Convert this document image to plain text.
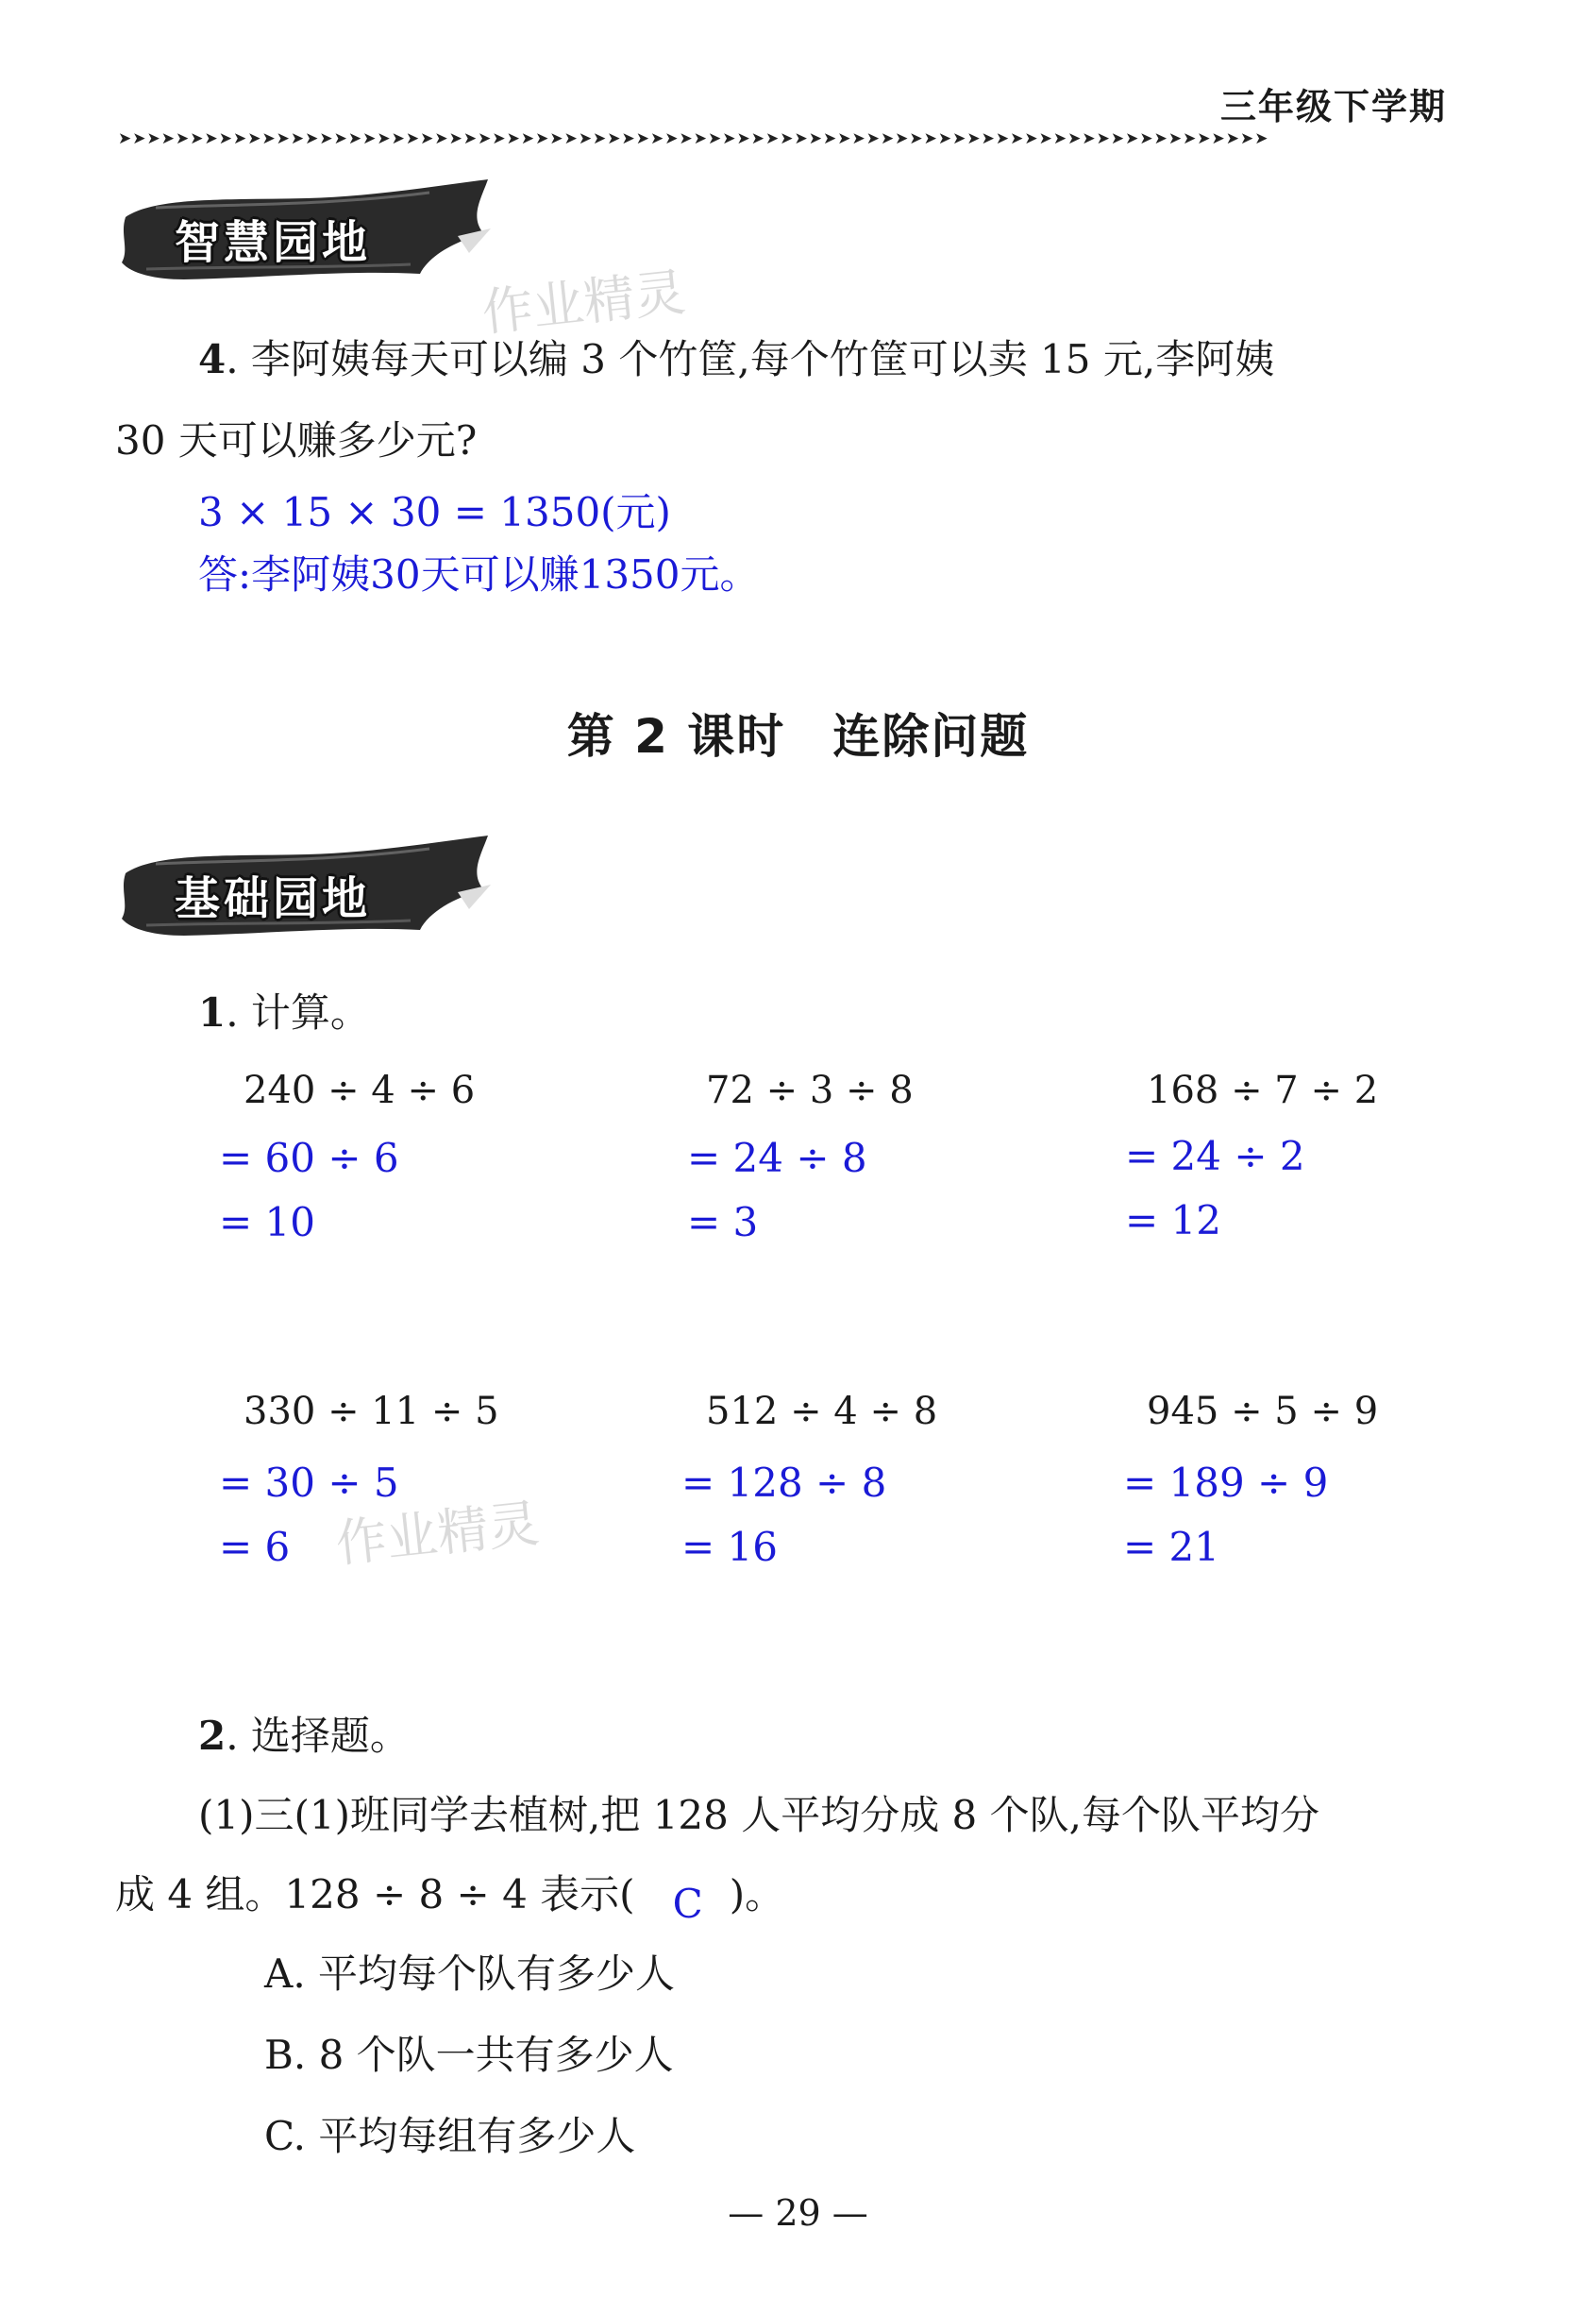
三年级下学期
➤➤➤➤➤➤➤➤➤➤➤➤➤➤➤➤➤➤➤➤➤➤➤➤➤➤➤➤➤➤➤➤➤➤➤➤➤➤➤➤➤➤➤➤➤➤➤➤➤➤➤➤➤➤➤➤➤➤➤➤➤➤➤➤➤➤➤➤➤➤➤➤➤➤➤➤➤➤➤➤
智慧园地
4. 李阿姨每天可以编 3 个竹筐,每个竹筐可以卖 15 元,李阿姨
30 天可以赚多少元?
3 × 15 × 30 = 1350(元)
答:李阿姨30天可以赚1350元。
第 2 课时 连除问题
基础园地
1. 计算。
240 ÷ 4 ÷ 6
= 60 ÷ 6
= 10
72 ÷ 3 ÷ 8
= 24 ÷ 8
= 3
168 ÷ 7 ÷ 2
= 24 ÷ 2
= 12
330 ÷ 11 ÷ 5
= 30 ÷ 5
= 6
512 ÷ 4 ÷ 8
= 128 ÷ 8
= 16
945 ÷ 5 ÷ 9
= 189 ÷ 9
= 21
2. 选择题。
(1)三(1)班同学去植树,把 128 人平均分成 8 个队,每个队平均分
成 4 组。128 ÷ 8 ÷ 4 表示( C )。
A. 平均每个队有多少人
B. 8 个队一共有多少人
C. 平均每组有多少人
作业精灵
作业精灵
— 29 —
